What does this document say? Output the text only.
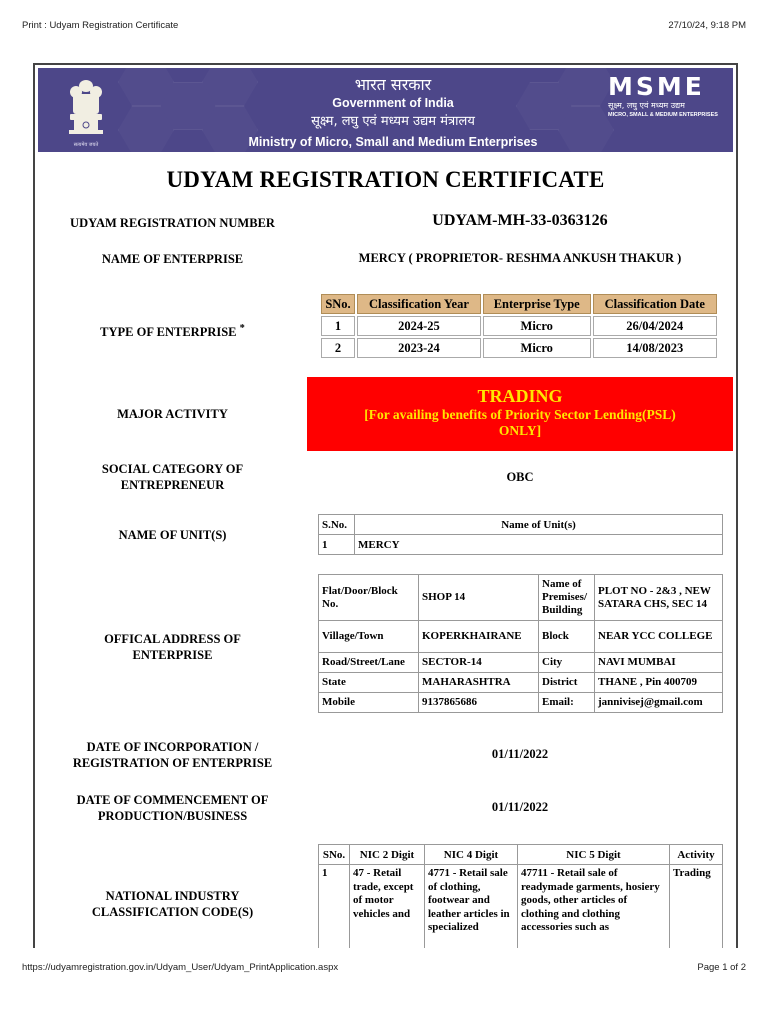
Print : Udyam Registration Certificate	27/10/24, 9:18 PM
सत्यमेव जयते
भारत सरकार
Government of India
सूक्ष्म, लघु एवं मध्यम उद्यम मंत्रालय
Ministry of Micro, Small and Medium Enterprises
MSME
सूक्ष्म, लघु एवं मध्यम उद्यम
MICRO, SMALL & MEDIUM ENTERPRISES
UDYAM REGISTRATION CERTIFICATE
UDYAM REGISTRATION NUMBER	UDYAM-MH-33-0363126
NAME OF ENTERPRISE	MERCY ( PROPRIETOR- RESHMA ANKUSH THAKUR )
TYPE OF ENTERPRISE *
SNo.	Classification Year	Enterprise Type	Classification Date
1	2024-25	Micro	26/04/2024
2	2023-24	Micro	14/08/2023
MAJOR ACTIVITY
TRADING
[For availing benefits of Priority Sector Lending(PSL)
ONLY]
SOCIAL CATEGORY OF
ENTREPRENEUR
OBC
NAME OF UNIT(S)
S.No.	Name of Unit(s)
1	MERCY
OFFICAL ADDRESS OF
ENTERPRISE
Flat/Door/Block No.	SHOP 14	Name of Premises/ Building	PLOT NO - 2&3 , NEW SATARA CHS, SEC 14
Village/Town	KOPERKHAIRANE	Block	NEAR YCC COLLEGE
Road/Street/Lane	SECTOR-14	City	NAVI MUMBAI
State	MAHARASHTRA	District	THANE , Pin 400709
Mobile	9137865686	Email:	jannivisej@gmail.com
DATE OF INCORPORATION /
REGISTRATION OF ENTERPRISE
01/11/2022
DATE OF COMMENCEMENT OF
PRODUCTION/BUSINESS
01/11/2022
NATIONAL INDUSTRY
CLASSIFICATION CODE(S)
SNo.	NIC 2 Digit	NIC 4 Digit	NIC 5 Digit	Activity
1	47 - Retail trade, except of motor vehicles and	4771 - Retail sale of clothing, footwear and leather articles in specialized	47711 - Retail sale of readymade garments, hosiery goods, other articles of clothing and clothing accessories such as	Trading
https://udyamregistration.gov.in/Udyam_User/Udyam_PrintApplication.aspx	Page 1 of 2
